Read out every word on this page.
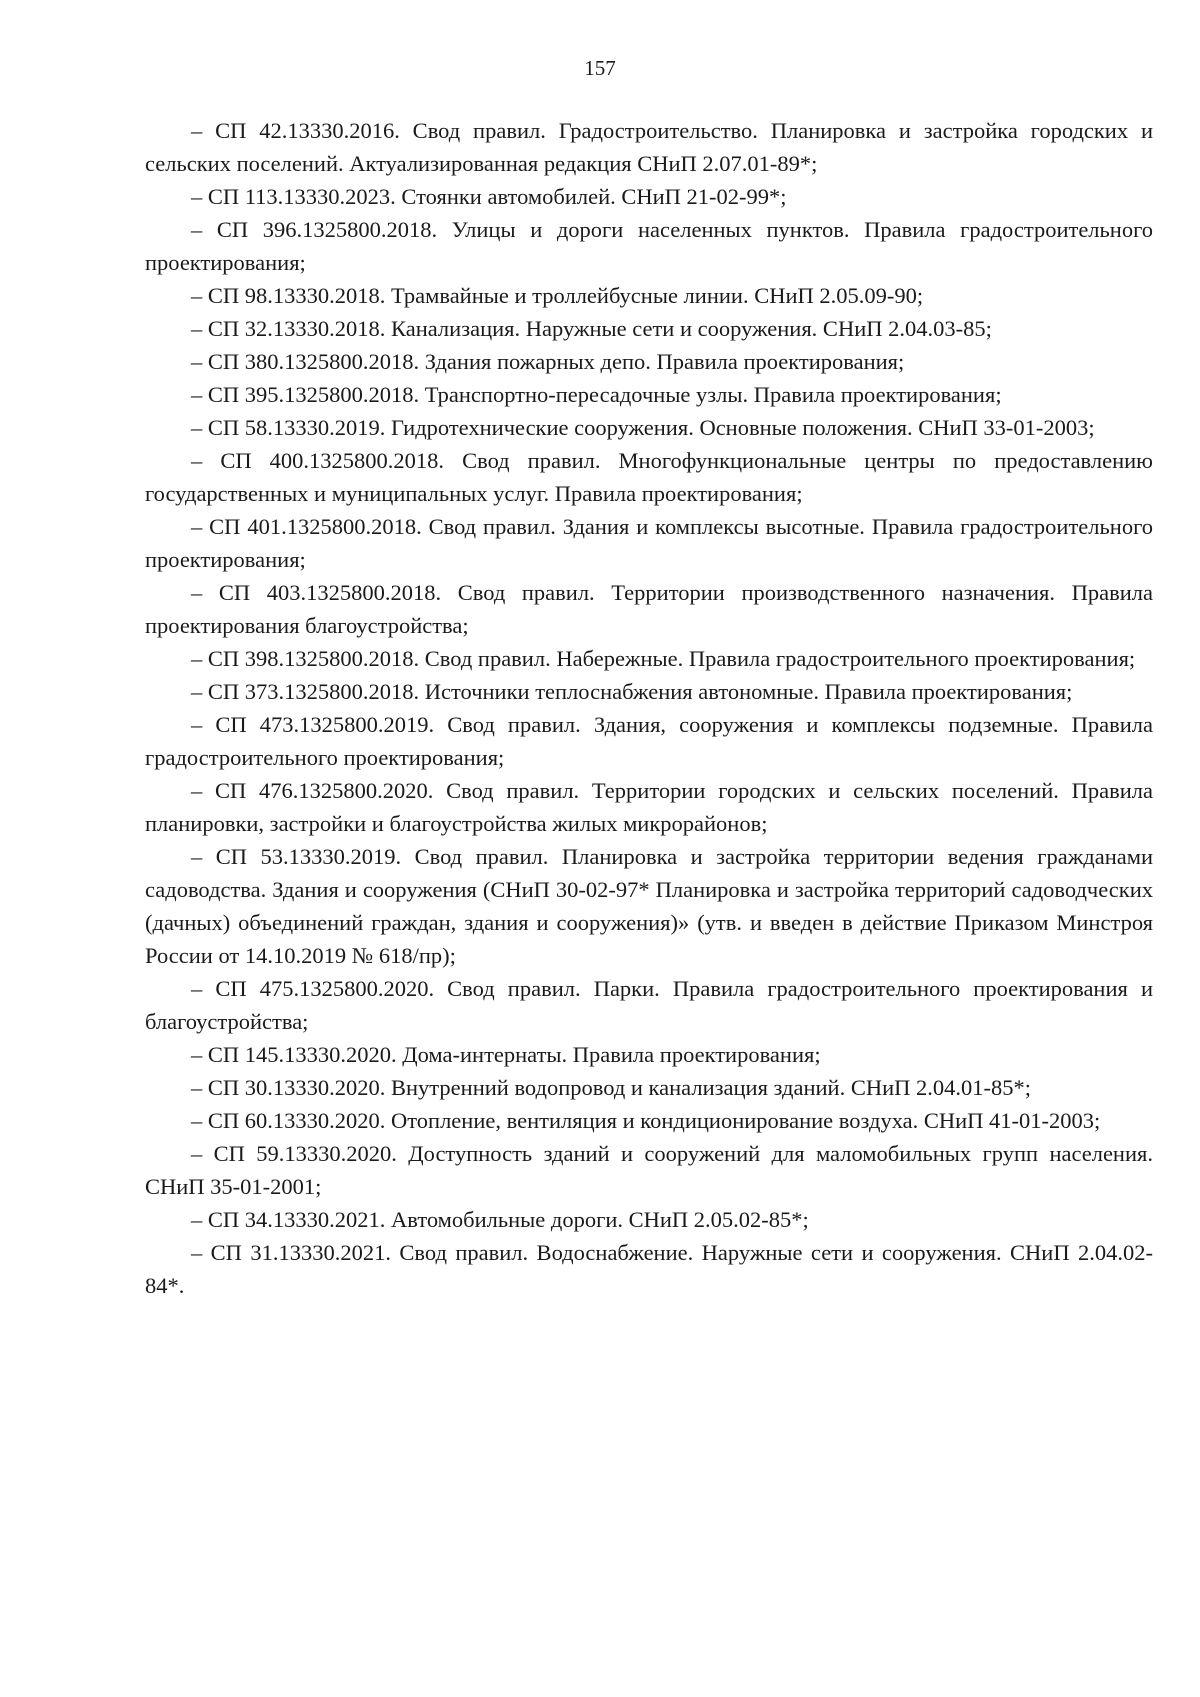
157

– СП 42.13330.2016. Свод правил. Градостроительство. Планировка и застройка городских и сельских поселений. Актуализированная редакция СНиП 2.07.01-89*;

– СП 113.13330.2023. Стоянки автомобилей. СНиП 21-02-99*;

– СП 396.1325800.2018. Улицы и дороги населенных пунктов. Правила градостроительного проектирования;

– СП 98.13330.2018. Трамвайные и троллейбусные линии. СНиП 2.05.09-90;

– СП 32.13330.2018. Канализация. Наружные сети и сооружения. СНиП 2.04.03-85;

– СП 380.1325800.2018. Здания пожарных депо. Правила проектирования;

– СП 395.1325800.2018. Транспортно-пересадочные узлы. Правила проектирования;

– СП 58.13330.2019. Гидротехнические сооружения. Основные положения. СНиП 33-01-2003;

– СП 400.1325800.2018. Свод правил. Многофункциональные центры по предоставлению государственных и муниципальных услуг. Правила проектирования;

– СП 401.1325800.2018. Свод правил. Здания и комплексы высотные. Правила градостроительного проектирования;

– СП 403.1325800.2018. Свод правил. Территории производственного назначения. Правила проектирования благоустройства;

– СП 398.1325800.2018. Свод правил. Набережные. Правила градостроительного проектирования;

– СП 373.1325800.2018. Источники теплоснабжения автономные. Правила проектирования;

– СП 473.1325800.2019. Свод правил. Здания, сооружения и комплексы подземные. Правила градостроительного проектирования;

– СП 476.1325800.2020. Свод правил. Территории городских и сельских поселений. Правила планировки, застройки и благоустройства жилых микрорайонов;

– СП 53.13330.2019. Свод правил. Планировка и застройка территории ведения гражданами садоводства. Здания и сооружения (СНиП 30-02-97* Планировка и застройка территорий садоводческих (дачных) объединений граждан, здания и сооружения)» (утв. и введен в действие Приказом Минстроя России от 14.10.2019 № 618/пр);

– СП 475.1325800.2020. Свод правил. Парки. Правила градостроительного проектирования и благоустройства;

– СП 145.13330.2020. Дома-интернаты. Правила проектирования;

– СП 30.13330.2020. Внутренний водопровод и канализация зданий. СНиП 2.04.01-85*;

– СП 60.13330.2020. Отопление, вентиляция и кондиционирование воздуха. СНиП 41-01-2003;

– СП 59.13330.2020. Доступность зданий и сооружений для маломобильных групп населения. СНиП 35-01-2001;

– СП 34.13330.2021. Автомобильные дороги. СНиП 2.05.02-85*;

– СП 31.13330.2021. Свод правил. Водоснабжение. Наружные сети и сооружения. СНиП 2.04.02-84*.
